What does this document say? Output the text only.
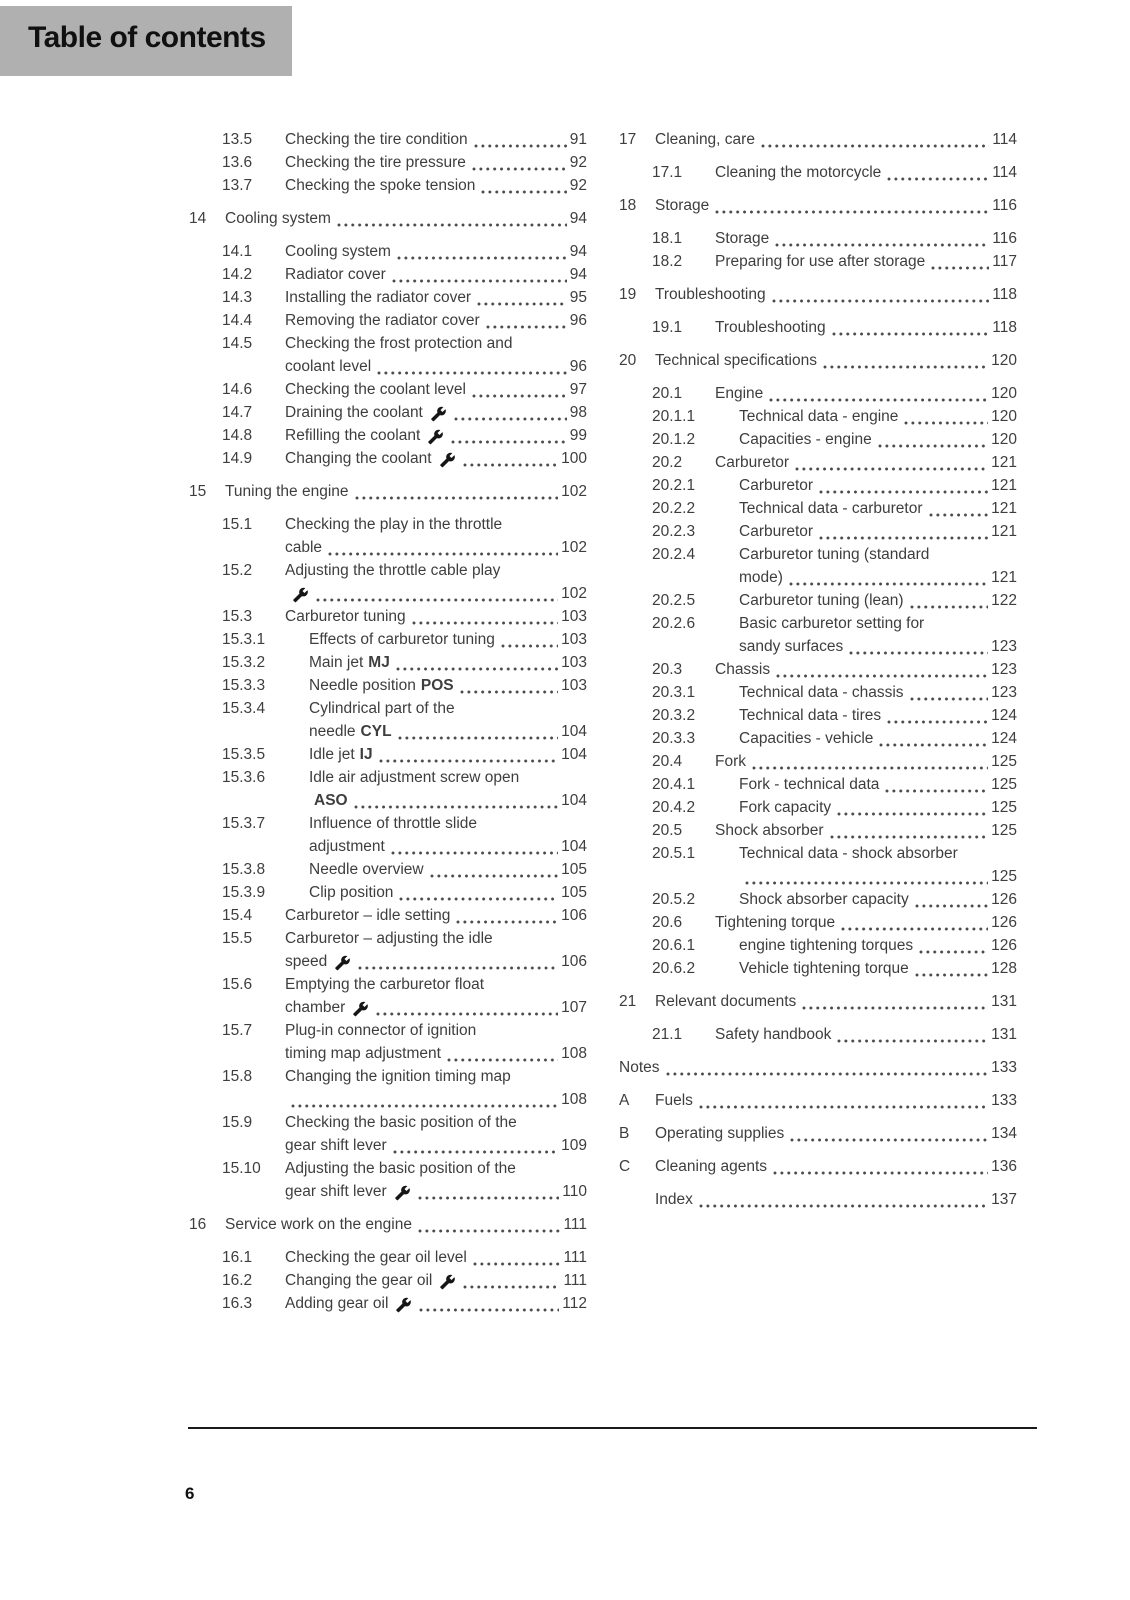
Table of contents
13.5 Checking the tire condition	91
13.6 Checking the tire pressure	92
13.7 Checking the spoke tension	92
14 Cooling system	94
14.1 Cooling system	94
14.2 Radiator cover	94
14.3 Installing the radiator cover	95
14.4 Removing the radiator cover	96
14.5 Checking the frost protection and
coolant level	96
14.6 Checking the coolant level	97
14.7 Draining the coolant	98
14.8 Refilling the coolant	99
14.9 Changing the coolant	100
15 Tuning the engine	102
15.1 Checking the play in the throttle
cable	102
15.2 Adjusting the throttle cable play
102
15.3 Carburetor tuning	103
15.3.1	Effects of carburetor tuning	103
15.3.2	Main jet MJ	103
15.3.3	Needle position POS	103
15.3.4	Cylindrical part of the
needle CYL	104
15.3.5	Idle jet IJ	104
15.3.6	Idle air adjustment screw open
ASO	104
15.3.7	Influence of throttle slide
adjustment	104
15.3.8	Needle overview	105
15.3.9	Clip position	105
15.4 Carburetor – idle setting	106
15.5 Carburetor – adjusting the idle
speed	106
15.6 Emptying the carburetor float
chamber	107
15.7 Plug-in connector of ignition
timing map adjustment	108
15.8 Changing the ignition timing map
108
15.9 Checking the basic position of the
gear shift lever	109
15.10 Adjusting the basic position of the
gear shift lever	110
16 Service work on the engine	111
16.1 Checking the gear oil level	111
16.2 Changing the gear oil	111
16.3 Adding gear oil	112
17 Cleaning, care	114
17.1 Cleaning the motorcycle	114
18 Storage	116
18.1 Storage	116
18.2 Preparing for use after storage	117
19 Troubleshooting	118
19.1 Troubleshooting	118
20 Technical specifications	120
20.1 Engine	120
20.1.1	Technical data - engine	120
20.1.2	Capacities - engine	120
20.2 Carburetor	121
20.2.1	Carburetor	121
20.2.2	Technical data - carburetor	121
20.2.3	Carburetor	121
20.2.4	Carburetor tuning (standard
mode)	121
20.2.5	Carburetor tuning (lean)	122
20.2.6	Basic carburetor setting for
sandy surfaces	123
20.3 Chassis	123
20.3.1	Technical data - chassis	123
20.3.2	Technical data - tires	124
20.3.3	Capacities - vehicle	124
20.4 Fork	125
20.4.1	Fork - technical data	125
20.4.2	Fork capacity	125
20.5 Shock absorber	125
20.5.1	Technical data - shock absorber
125
20.5.2	Shock absorber capacity	126
20.6 Tightening torque	126
20.6.1	engine tightening torques	126
20.6.2	Vehicle tightening torque	128
21 Relevant documents	131
21.1 Safety handbook	131
Notes	133
A Fuels	133
B Operating supplies	134
C Cleaning agents	136
Index	137
6
